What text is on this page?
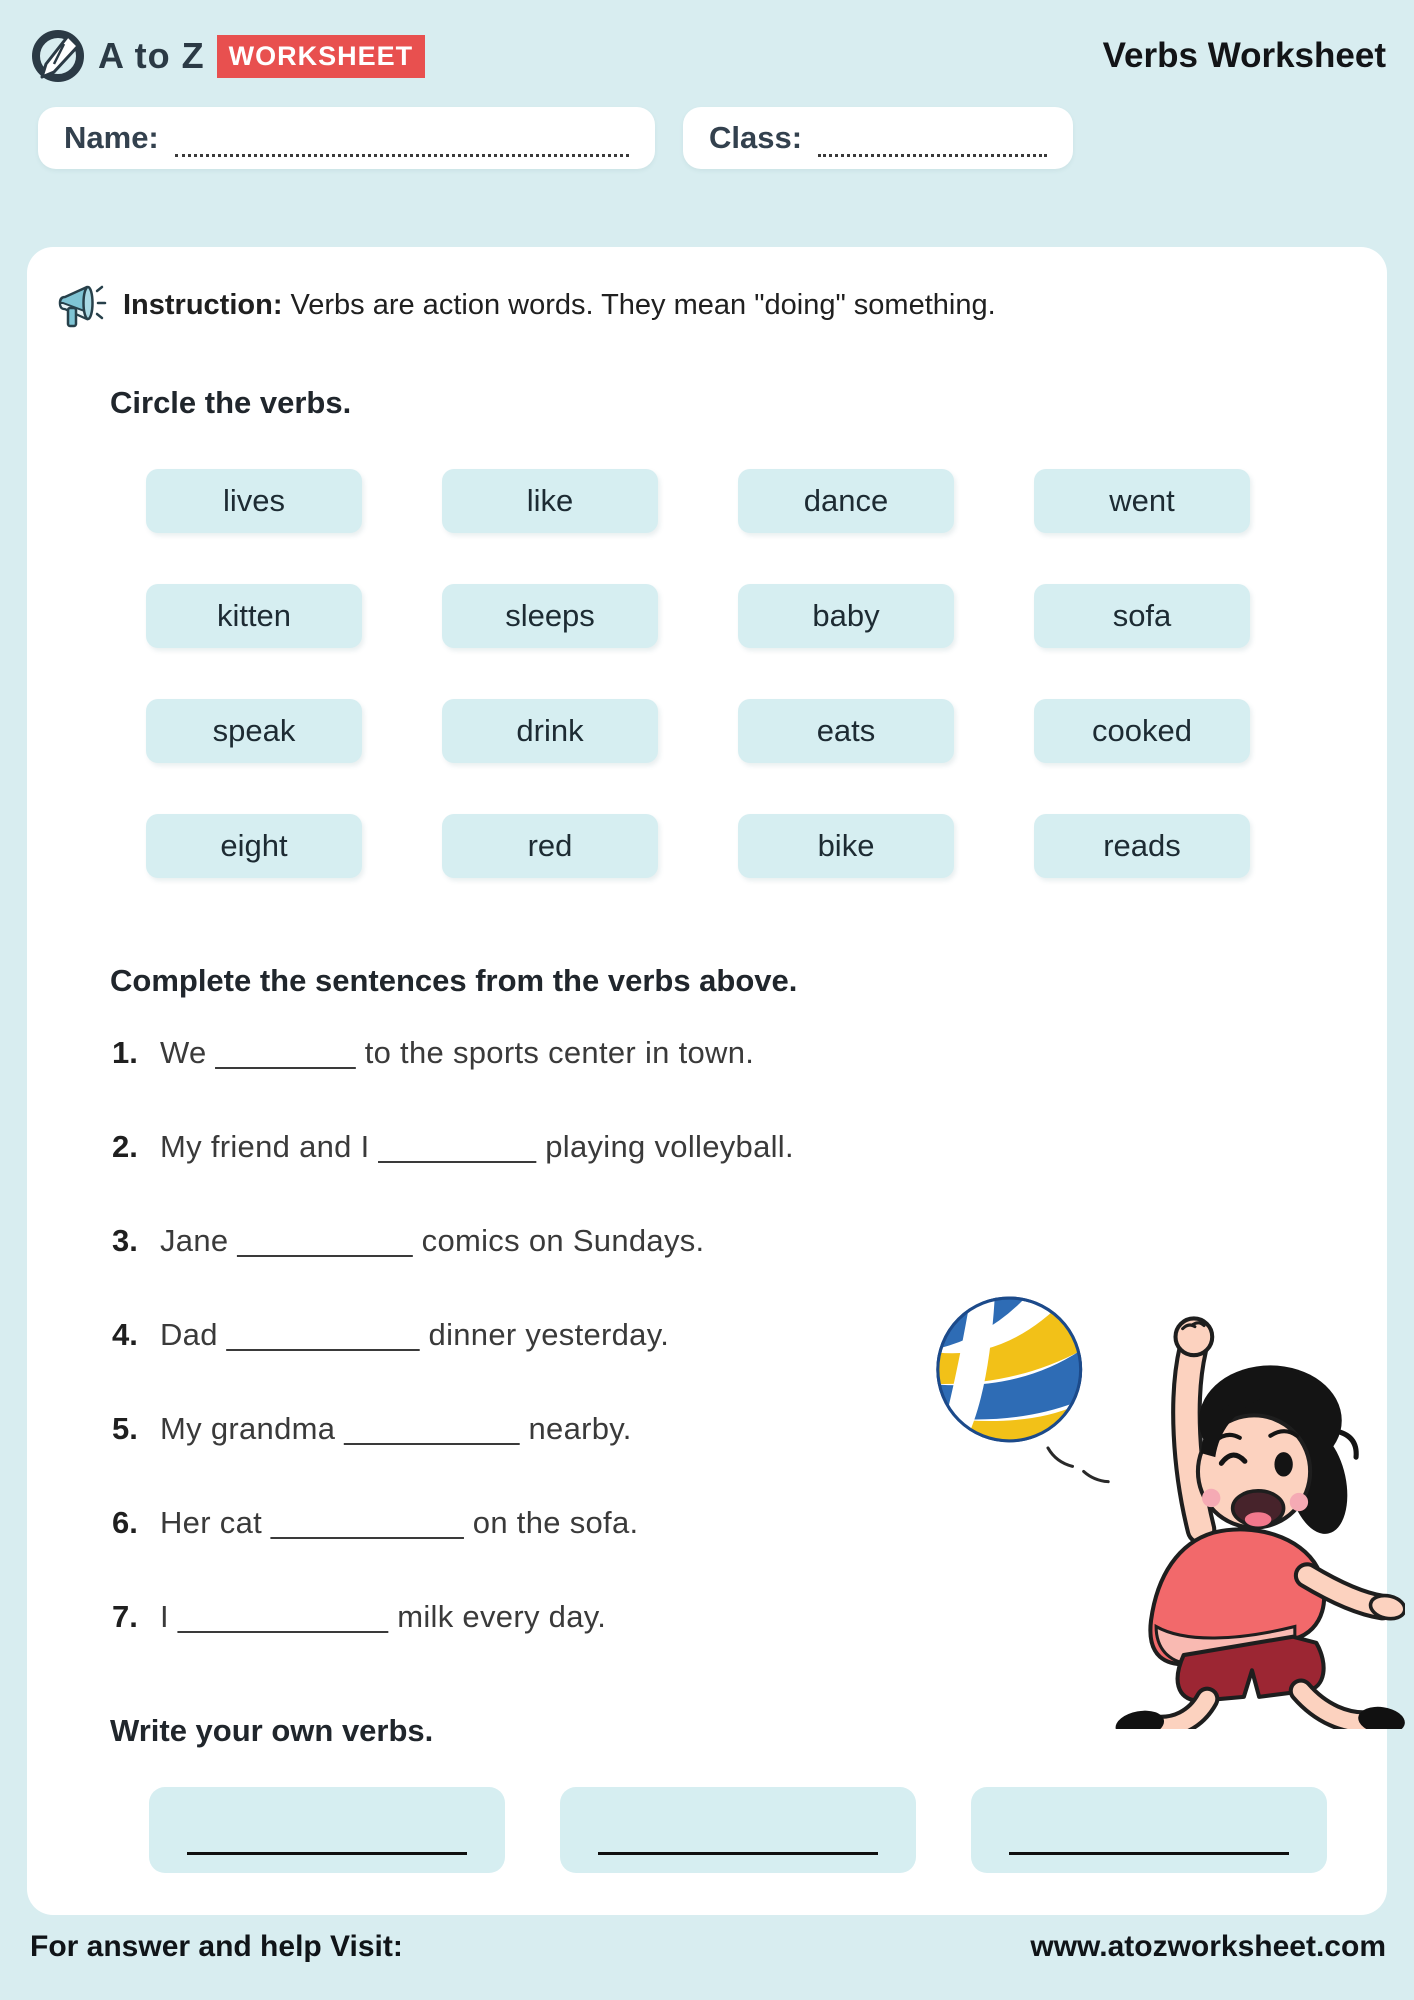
A to Z WORKSHEET	Verbs Worksheet
Name:	Class:
Instruction: Verbs are action words. They mean "doing" something.
Circle the verbs.
lives	like	dance	went
kitten	sleeps	baby	sofa
speak	drink	eats	cooked
eight	red	bike	reads
Complete the sentences from the verbs above.
1. We ________ to the sports center in town.
2. My friend and I _________ playing volleyball.
3. Jane __________ comics on Sundays.
4. Dad ___________ dinner yesterday.
5. My grandma __________ nearby.
6. Her cat ___________ on the sofa.
7. I ____________ milk every day.
Write your own verbs.
For answer and help Visit:	www.atozworksheet.com
